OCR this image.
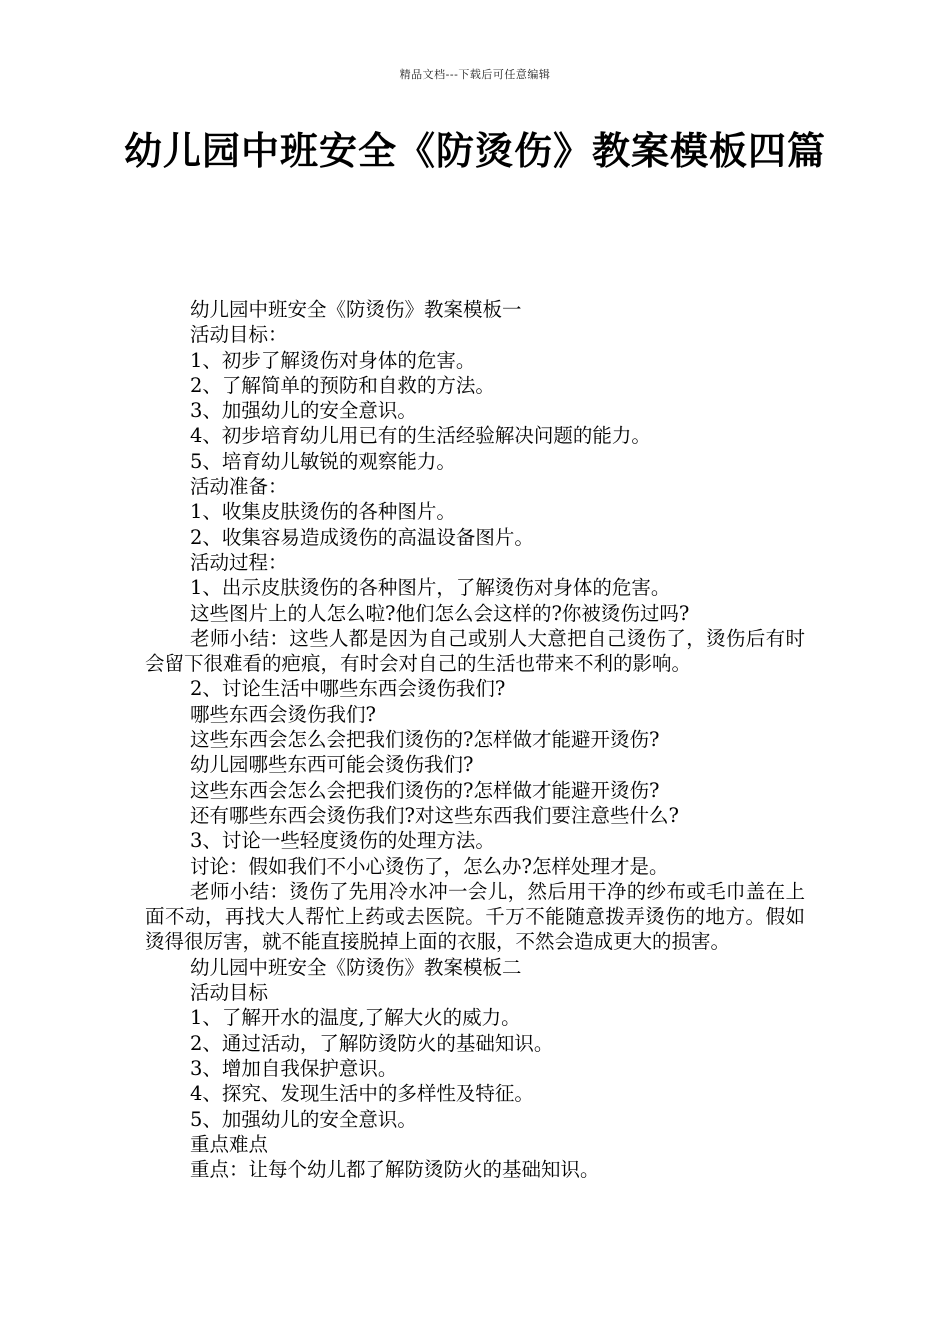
精品文档---下载后可任意编辑
幼儿园中班安全《防烫伤》教案模板四篇

幼儿园中班安全《防烫伤》教案模板一

活动目标：

1、初步了解烫伤对身体的危害。

2、了解简单的预防和自救的方法。

3、加强幼儿的安全意识。

4、初步培育幼儿用已有的生活经验解决问题的能力。

5、培育幼儿敏锐的观察能力。

活动准备：

1、收集皮肤烫伤的各种图片。

2、收集容易造成烫伤的高温设备图片。

活动过程：

1、出示皮肤烫伤的各种图片，了解烫伤对身体的危害。

这些图片上的人怎么啦?他们怎么会这样的?你被烫伤过吗?

老师小结：这些人都是因为自己或别人大意把自己烫伤了，烫伤后有时会留下很难看的疤痕，有时会对自己的生活也带来不利的影响。

2、讨论生活中哪些东西会烫伤我们?

哪些东西会烫伤我们?

这些东西会怎么会把我们烫伤的?怎样做才能避开烫伤?

幼儿园哪些东西可能会烫伤我们?

这些东西会怎么会把我们烫伤的?怎样做才能避开烫伤?

还有哪些东西会烫伤我们?对这些东西我们要注意些什么?

3、讨论一些轻度烫伤的处理方法。

讨论：假如我们不小心烫伤了，怎么办?怎样处理才是。

老师小结：烫伤了先用冷水冲一会儿，然后用干净的纱布或毛巾盖在上面不动，再找大人帮忙上药或去医院。千万不能随意拨弄烫伤的地方。假如烫得很厉害，就不能直接脱掉上面的衣服，不然会造成更大的损害。

幼儿园中班安全《防烫伤》教案模板二

活动目标

1、了解开水的温度,了解大火的威力。

2、通过活动，了解防烫防火的基础知识。

3、增加自我保护意识。

4、探究、发现生活中的多样性及特征。

5、加强幼儿的安全意识。

重点难点

重点：让每个幼儿都了解防烫防火的基础知识。
